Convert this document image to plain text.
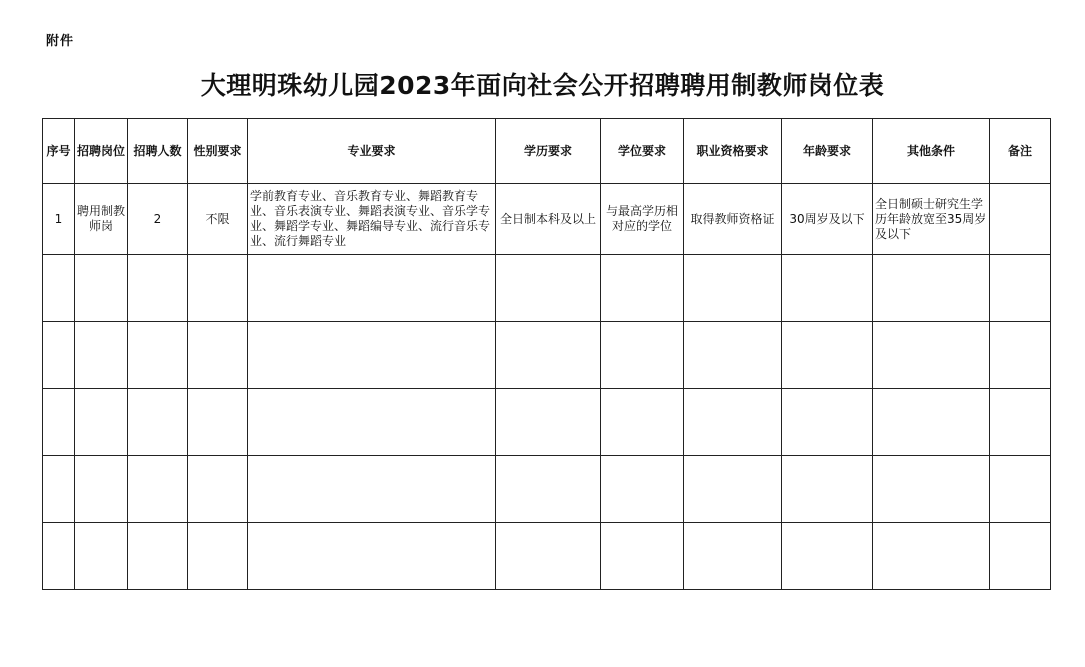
附件
大理明珠幼儿园2023年面向社会公开招聘聘用制教师岗位表
序号	招聘岗位	招聘人数	性别要求	专业要求	学历要求	学位要求	职业资格要求	年龄要求	其他条件	备注
1	聘用制教师岗	2	不限	学前教育专业、音乐教育专业、舞蹈教育专业、音乐表演专业、舞蹈表演专业、音乐学专业、舞蹈学专业、舞蹈编导专业、流行音乐专业、流行舞蹈专业	全日制本科及以上	与最高学历相对应的学位	取得教师资格证	30周岁及以下	全日制硕士研究生学历年龄放宽至35周岁及以下	
